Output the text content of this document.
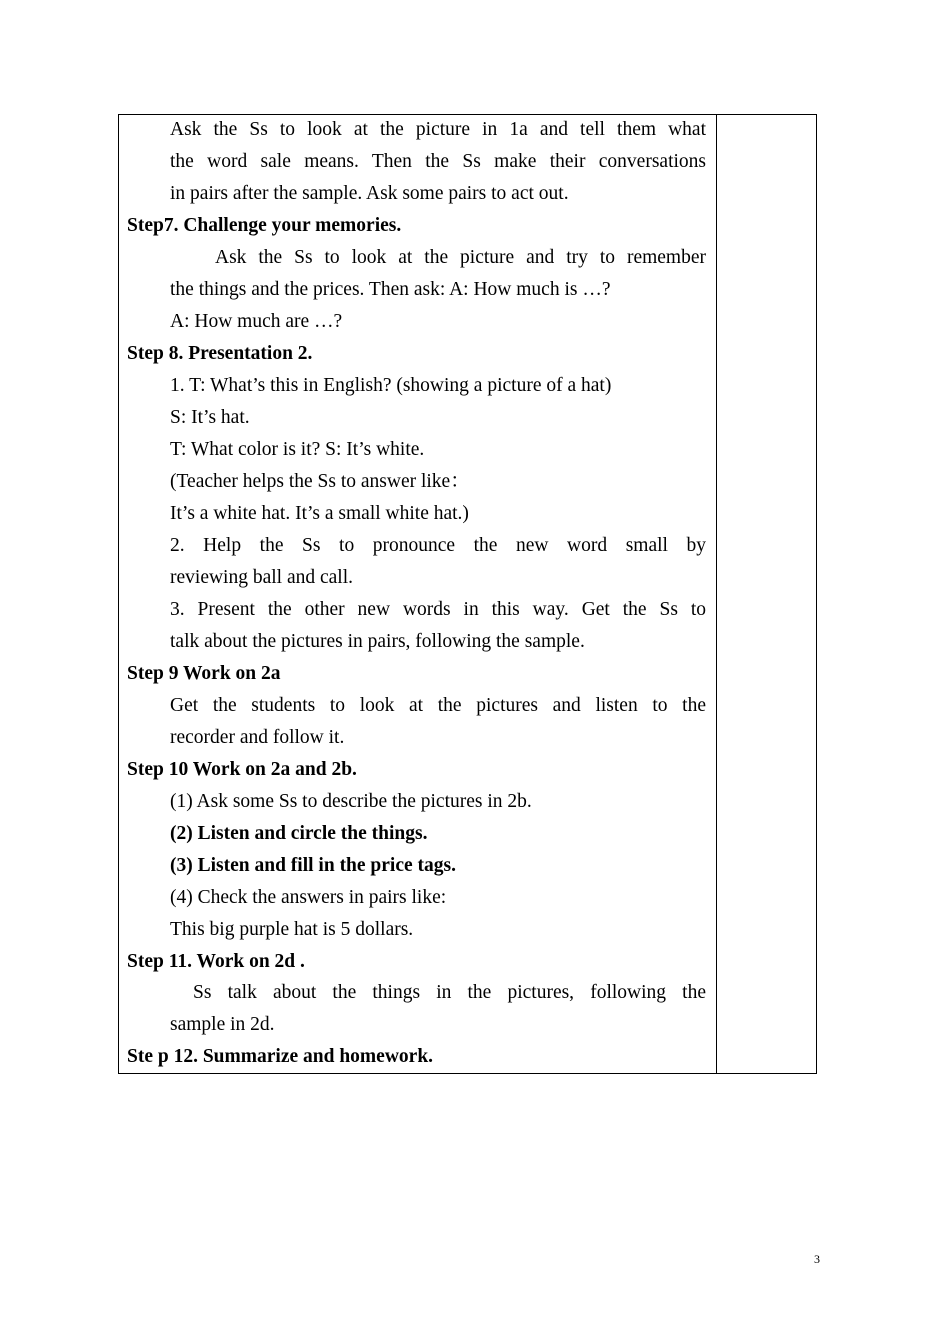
Ask the Ss to look at the picture in 1a and tell them what
the word sale means. Then the Ss make their conversations
in pairs after the sample. Ask some pairs to act out.
Step7. Challenge your memories.
Ask the Ss to look at the picture and try to remember
the things and the prices. Then ask: A: How much is …?
A: How much are …?
Step 8. Presentation 2.
1. T: What’s this in English? (showing a picture of a hat)
S: It’s hat.
T: What color is it? S: It’s white.
(Teacher helps the Ss to answer like：
It’s a white hat. It’s a small white hat.)
2. Help the Ss to pronounce the new word small by
reviewing ball and call.
3. Present the other new words in this way. Get the Ss to
talk about the pictures in pairs, following the sample.
Step 9 Work on 2a
Get the students to look at the pictures and listen to the
recorder and follow it.
Step 10 Work on 2a and 2b.
(1) Ask some Ss to describe the pictures in 2b.
(2) Listen and circle the things.
(3) Listen and fill in the price tags.
(4) Check the answers in pairs like:
This big purple hat is 5 dollars.
Step 11. Work on 2d .
Ss talk about the things in the pictures, following the
sample in 2d.
Ste p 12. Summarize and homework.
3
